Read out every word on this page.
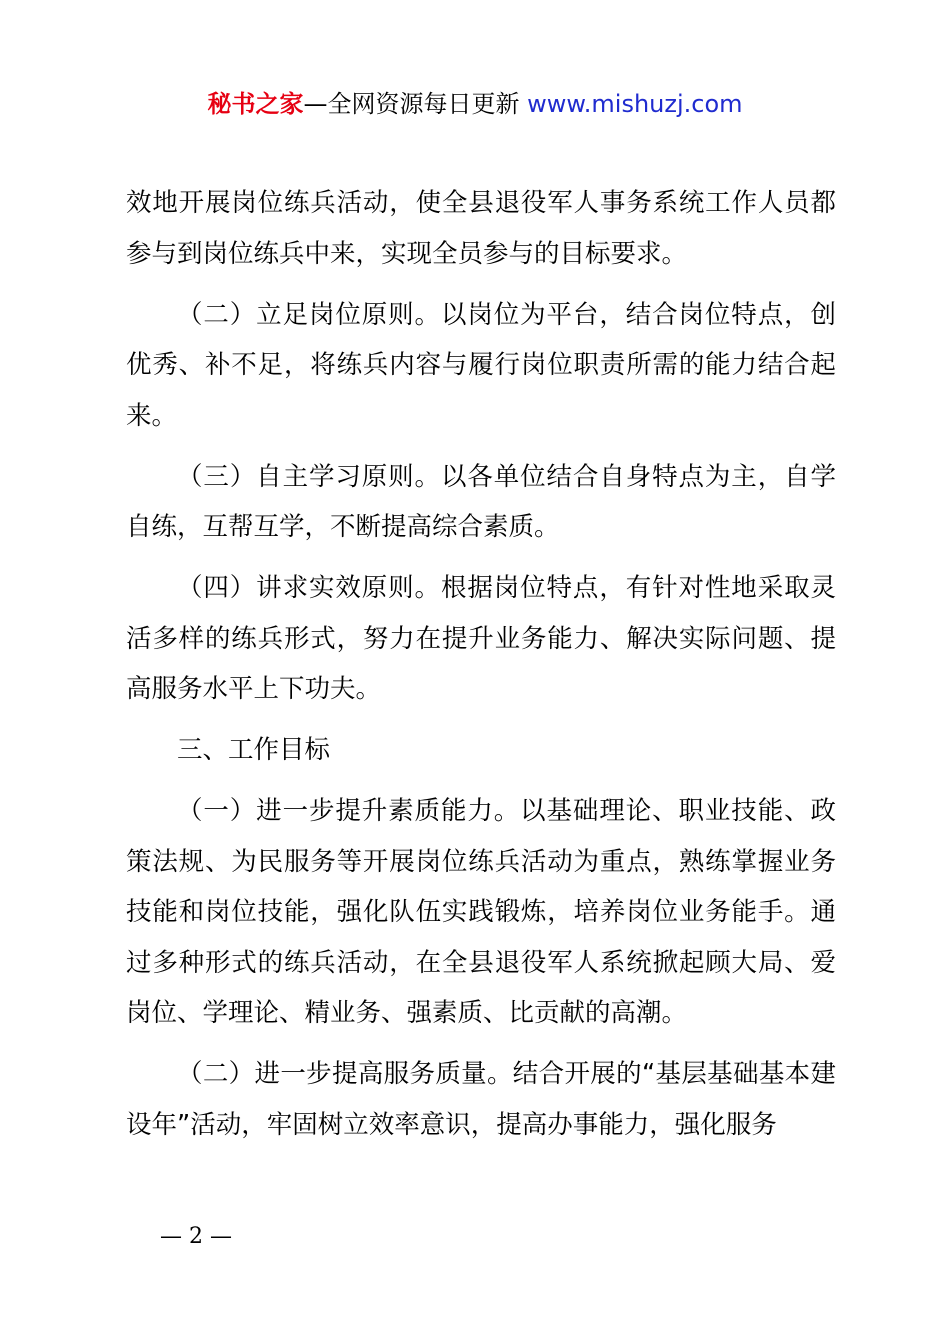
秘书之家—全网资源每日更新 www.mishuzj.com

效地开展岗位练兵活动，使全县退役军人事务系统工作人员都参与到岗位练兵中来，实现全员参与的目标要求。

（二）立足岗位原则。以岗位为平台，结合岗位特点，创优秀、补不足，将练兵内容与履行岗位职责所需的能力结合起来。

（三）自主学习原则。以各单位结合自身特点为主，自学自练，互帮互学，不断提高综合素质。

（四）讲求实效原则。根据岗位特点，有针对性地采取灵活多样的练兵形式，努力在提升业务能力、解决实际问题、提高服务水平上下功夫。

三、工作目标

（一）进一步提升素质能力。以基础理论、职业技能、政策法规、为民服务等开展岗位练兵活动为重点，熟练掌握业务技能和岗位技能，强化队伍实践锻炼，培养岗位业务能手。通过多种形式的练兵活动，在全县退役军人系统掀起顾大局、爱岗位、学理论、精业务、强素质、比贡献的高潮。

（二）进一步提高服务质量。结合开展的“基层基础基本建设年”活动，牢固树立效率意识，提高办事能力，强化服务

— 2 —
